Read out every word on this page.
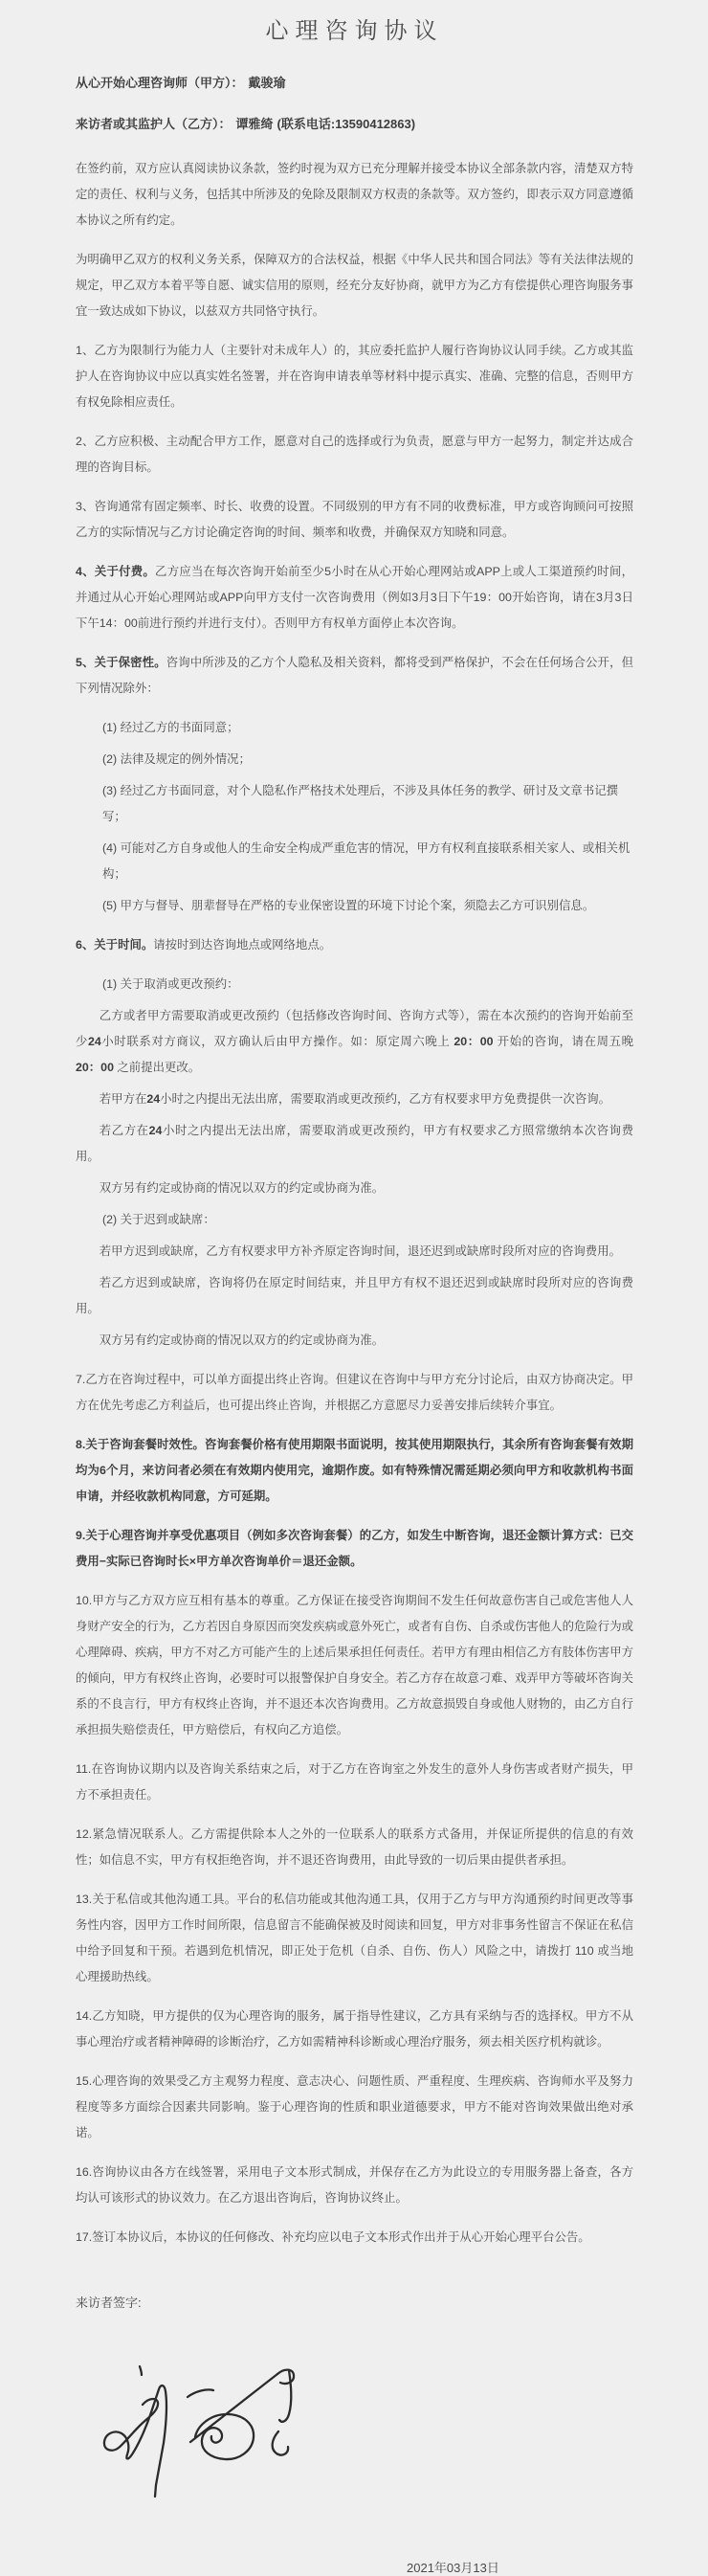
心理咨询协议
从心开始心理咨询师（甲方）： 戴骏瑜
来访者或其监护人（乙方）： 谭雅绮 (联系电话:13590412863)

在签约前，双方应认真阅读协议条款，签约时视为双方已充分理解并接受本协议全部条款内容，清楚双方特定的责任、权利与义务，包括其中所涉及的免除及限制双方权责的条款等。双方签约，即表示双方同意遵循本协议之所有约定。

为明确甲乙双方的权利义务关系，保障双方的合法权益，根据《中华人民共和国合同法》等有关法律法规的规定，甲乙双方本着平等自愿、诚实信用的原则，经充分友好协商，就甲方为乙方有偿提供心理咨询服务事宜一致达成如下协议，以兹双方共同恪守执行。

1、乙方为限制行为能力人（主要针对未成年人）的，其应委托监护人履行咨询协议认同手续。乙方或其监护人在咨询协议中应以真实姓名签署，并在咨询申请表单等材料中提示真实、准确、完整的信息，否则甲方有权免除相应责任。

2、乙方应积极、主动配合甲方工作，愿意对自己的选择或行为负责，愿意与甲方一起努力，制定并达成合理的咨询目标。

3、咨询通常有固定频率、时长、收费的设置。不同级别的甲方有不同的收费标准，甲方或咨询顾问可按照乙方的实际情况与乙方讨论确定咨询的时间、频率和收费，并确保双方知晓和同意。

4、关于付费。乙方应当在每次咨询开始前至少5小时在从心开始心理网站或APP上或人工渠道预约时间，并通过从心开始心理网站或APP向甲方支付一次咨询费用（例如3月3日下午19：00开始咨询，请在3月3日下午14：00前进行预约并进行支付）。否则甲方有权单方面停止本次咨询。

5、关于保密性。咨询中所涉及的乙方个人隐私及相关资料，都将受到严格保护，不会在任何场合公开，但下列情况除外：

(1) 经过乙方的书面同意；

(2) 法律及规定的例外情况；

(3) 经过乙方书面同意，对个人隐私作严格技术处理后，不涉及具体任务的教学、研讨及文章书记撰写；

(4) 可能对乙方自身或他人的生命安全构成严重危害的情况，甲方有权利直接联系相关家人、或相关机构；

(5) 甲方与督导、朋辈督导在严格的专业保密设置的环境下讨论个案，须隐去乙方可识别信息。

6、关于时间。请按时到达咨询地点或网络地点。

(1) 关于取消或更改预约：

乙方或者甲方需要取消或更改预约（包括修改咨询时间、咨询方式等），需在本次预约的咨询开始前至少24小时联系对方商议，双方确认后由甲方操作。如：原定周六晚上 20：00 开始的咨询，请在周五晚 20：00 之前提出更改。

若甲方在24小时之内提出无法出席，需要取消或更改预约，乙方有权要求甲方免费提供一次咨询。

若乙方在24小时之内提出无法出席，需要取消或更改预约，甲方有权要求乙方照常缴纳本次咨询费用。

双方另有约定或协商的情况以双方的约定或协商为准。

(2) 关于迟到或缺席：

若甲方迟到或缺席，乙方有权要求甲方补齐原定咨询时间，退还迟到或缺席时段所对应的咨询费用。

若乙方迟到或缺席，咨询将仍在原定时间结束，并且甲方有权不退还迟到或缺席时段所对应的咨询费用。

双方另有约定或协商的情况以双方的约定或协商为准。

7.乙方在咨询过程中，可以单方面提出终止咨询。但建议在咨询中与甲方充分讨论后，由双方协商决定。甲方在优先考虑乙方利益后，也可提出终止咨询，并根据乙方意愿尽力妥善安排后续转介事宜。

8.关于咨询套餐时效性。咨询套餐价格有使用期限书面说明，按其使用期限执行，其余所有咨询套餐有效期均为6个月，来访问者必须在有效期内使用完，逾期作废。如有特殊情况需延期必须向甲方和收款机构书面申请，并经收款机构同意，方可延期。

9.关于心理咨询并享受优惠项目（例如多次咨询套餐）的乙方，如发生中断咨询，退还金额计算方式：已交费用−实际已咨询时长×甲方单次咨询单价＝退还金额。

10.甲方与乙方双方应互相有基本的尊重。乙方保证在接受咨询期间不发生任何故意伤害自己或危害他人人身财产安全的行为，乙方若因自身原因而突发疾病或意外死亡，或者有自伤、自杀或伤害他人的危险行为或心理障碍、疾病，甲方不对乙方可能产生的上述后果承担任何责任。若甲方有理由相信乙方有肢体伤害甲方的倾向，甲方有权终止咨询，必要时可以报警保护自身安全。若乙方存在故意刁难、戏弄甲方等破坏咨询关系的不良言行，甲方有权终止咨询，并不退还本次咨询费用。乙方故意损毁自身或他人财物的，由乙方自行承担损失赔偿责任，甲方赔偿后，有权向乙方追偿。

11.在咨询协议期内以及咨询关系结束之后，对于乙方在咨询室之外发生的意外人身伤害或者财产损失，甲方不承担责任。

12.紧急情况联系人。乙方需提供除本人之外的一位联系人的联系方式备用，并保证所提供的信息的有效性；如信息不实，甲方有权拒绝咨询，并不退还咨询费用，由此导致的一切后果由提供者承担。

13.关于私信或其他沟通工具。平台的私信功能或其他沟通工具，仅用于乙方与甲方沟通预约时间更改等事务性内容，因甲方工作时间所限，信息留言不能确保被及时阅读和回复，甲方对非事务性留言不保证在私信中给予回复和干预。若遇到危机情况，即正处于危机（自杀、自伤、伤人）风险之中，请拨打 110 或当地心理援助热线。

14.乙方知晓，甲方提供的仅为心理咨询的服务，属于指导性建议，乙方具有采纳与否的选择权。甲方不从事心理治疗或者精神障碍的诊断治疗，乙方如需精神科诊断或心理治疗服务，须去相关医疗机构就诊。

15.心理咨询的效果受乙方主观努力程度、意志决心、问题性质、严重程度、生理疾病、咨询师水平及努力程度等多方面综合因素共同影响。鉴于心理咨询的性质和职业道德要求，甲方不能对咨询效果做出绝对承诺。

16.咨询协议由各方在线签署，采用电子文本形式制成，并保存在乙方为此设立的专用服务器上备查，各方均认可该形式的协议效力。在乙方退出咨询后，咨询协议终止。

17.签订本协议后，本协议的任何修改、补充均应以电子文本形式作出并于从心开始心理平台公告。

来访者签字:
2021年03月13日
